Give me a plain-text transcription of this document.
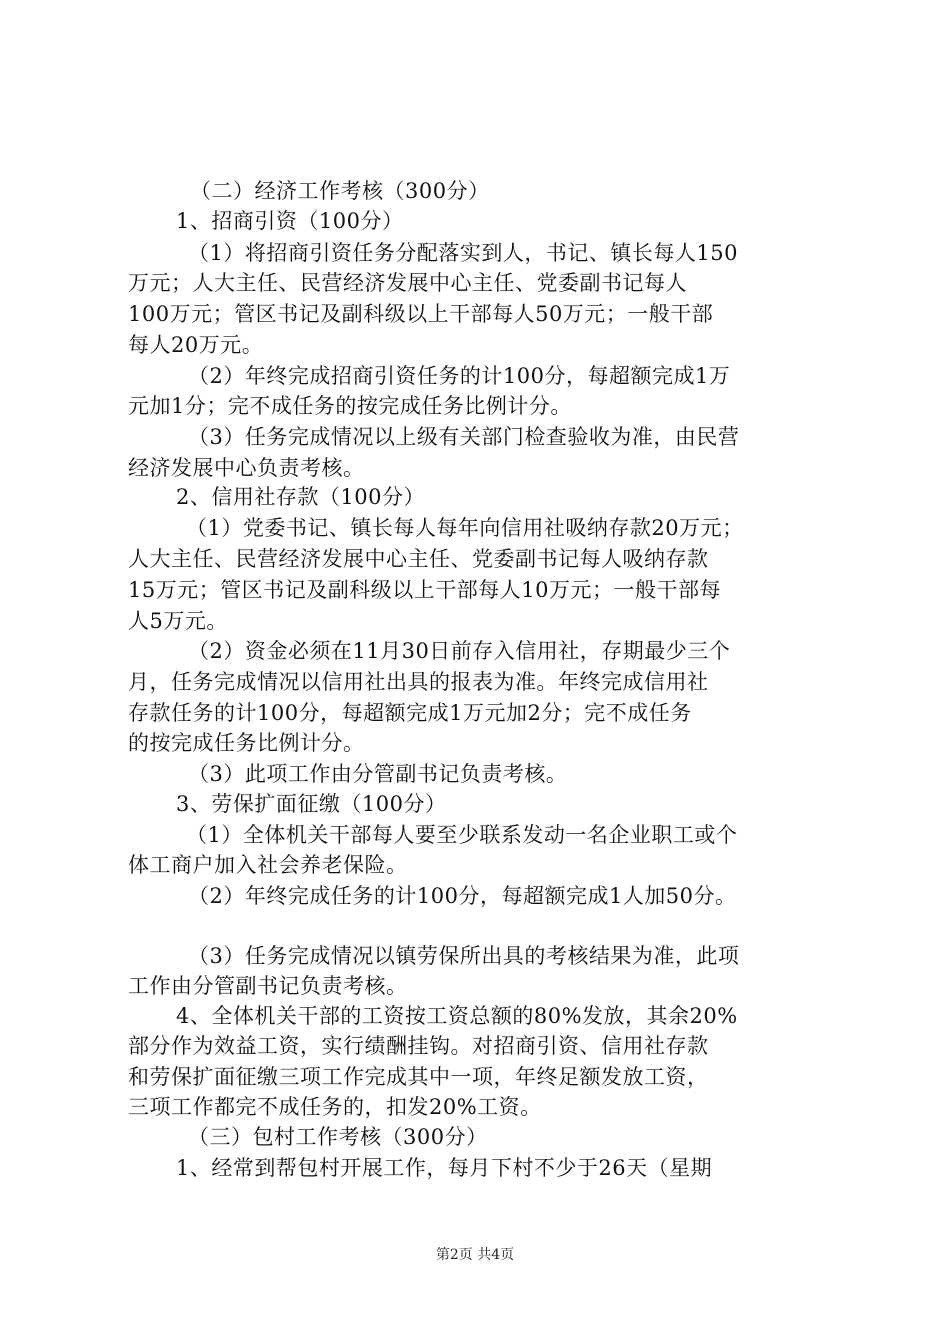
（二）经济工作考核（300分）
1、招商引资（100分）
（1）将招商引资任务分配落实到人，书记、镇长每人150
万元；人大主任、民营经济发展中心主任、党委副书记每人
100万元；管区书记及副科级以上干部每人50万元；一般干部
每人20万元。
（2）年终完成招商引资任务的计100分，每超额完成1万
元加1分；完不成任务的按完成任务比例计分。
（3）任务完成情况以上级有关部门检查验收为准，由民营
经济发展中心负责考核。
2、信用社存款（100分）
（1）党委书记、镇长每人每年向信用社吸纳存款20万元；
人大主任、民营经济发展中心主任、党委副书记每人吸纳存款
15万元；管区书记及副科级以上干部每人10万元；一般干部每
人5万元。
（2）资金必须在11月30日前存入信用社，存期最少三个
月，任务完成情况以信用社出具的报表为准。年终完成信用社
存款任务的计100分，每超额完成1万元加2分；完不成任务
的按完成任务比例计分。
（3）此项工作由分管副书记负责考核。
3、劳保扩面征缴（100分）
（1）全体机关干部每人要至少联系发动一名企业职工或个
体工商户加入社会养老保险。
（2）年终完成任务的计100分，每超额完成1人加50分。
（3）任务完成情况以镇劳保所出具的考核结果为准，此项
工作由分管副书记负责考核。
4、全体机关干部的工资按工资总额的80%发放，其余20%
部分作为效益工资，实行绩酬挂钩。对招商引资、信用社存款
和劳保扩面征缴三项工作完成其中一项，年终足额发放工资，
三项工作都完不成任务的，扣发20%工资。
（三）包村工作考核（300分）
1、经常到帮包村开展工作，每月下村不少于26天（星期
第2页 共4页
